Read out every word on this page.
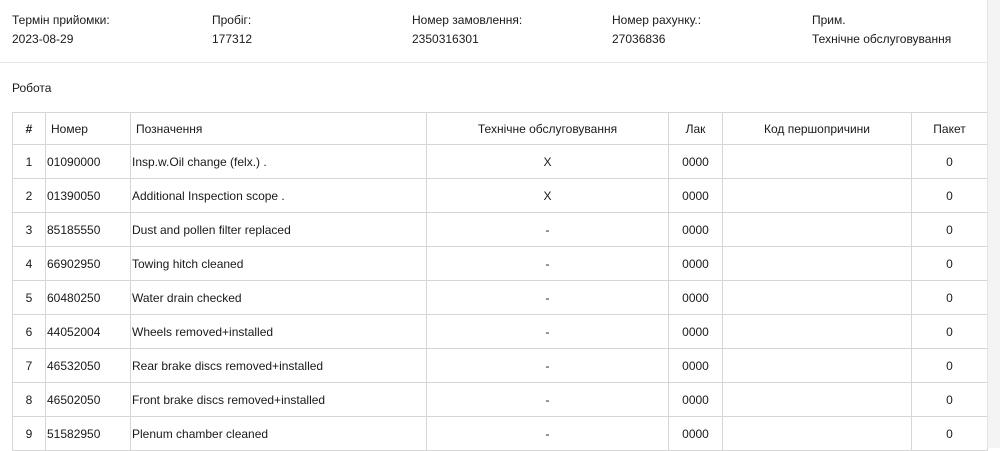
Термін прийомки:
2023-08-29
Пробіг:
177312
Номер замовлення:
2350316301
Номер рахунку.:
27036836
Прим.
Технічне обслуговування
Робота
#	Номер	Позначення	Технічне обслуговування	Лак	Код першопричини	Пакет
1	01090000	Insp.w.Oil change (felx.) .	X	0000		0
2	01390050	Additional Inspection scope .	X	0000		0
3	85185550	Dust and pollen filter replaced	-	0000		0
4	66902950	Towing hitch cleaned	-	0000		0
5	60480250	Water drain checked	-	0000		0
6	44052004	Wheels removed+installed	-	0000		0
7	46532050	Rear brake discs removed+installed	-	0000		0
8	46502050	Front brake discs removed+installed	-	0000		0
9	51582950	Plenum chamber cleaned	-	0000		0
